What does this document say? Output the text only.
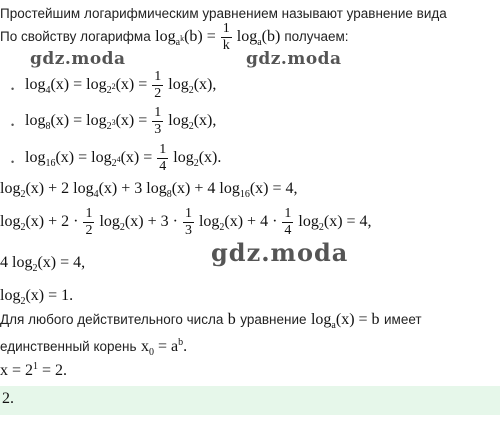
Простейшим логарифмическим уравнением называют уравнение вида
По свойству логарифма $\log_{a^k}(b) = \frac{1}{k} \log_a(b)$ получаем:
gdz.moda	gdz.moda
• $\log_4(x) = \log_{2^2}(x) = \frac{1}{2} \log_2(x)$,
• $\log_8(x) = \log_{2^3}(x) = \frac{1}{3} \log_2(x)$,
• $\log_{16}(x) = \log_{2^4}(x) = \frac{1}{4} \log_2(x)$.
$\log_2(x) + 2$ $\log_4(x) + 3$ $\log_8(x) + 4$ $\log_{16}(x) = 4$,
$\log_2(x) + 2 \cdot \frac{1}{2} \log_2(x) + 3 \cdot \frac{1}{3} \log_2(x) + 4 \cdot \frac{1}{4} \log_2(x) = 4$,
gdz.moda
4 $\log_2(x) = 4$,
$\log_2(x) = 1$.
Для любого действительного числа b уравнение $\log_a(x) = b$ имеет
единственный корень $x_0 = a^b$.
$x = 2^1 = 2$.
2.
